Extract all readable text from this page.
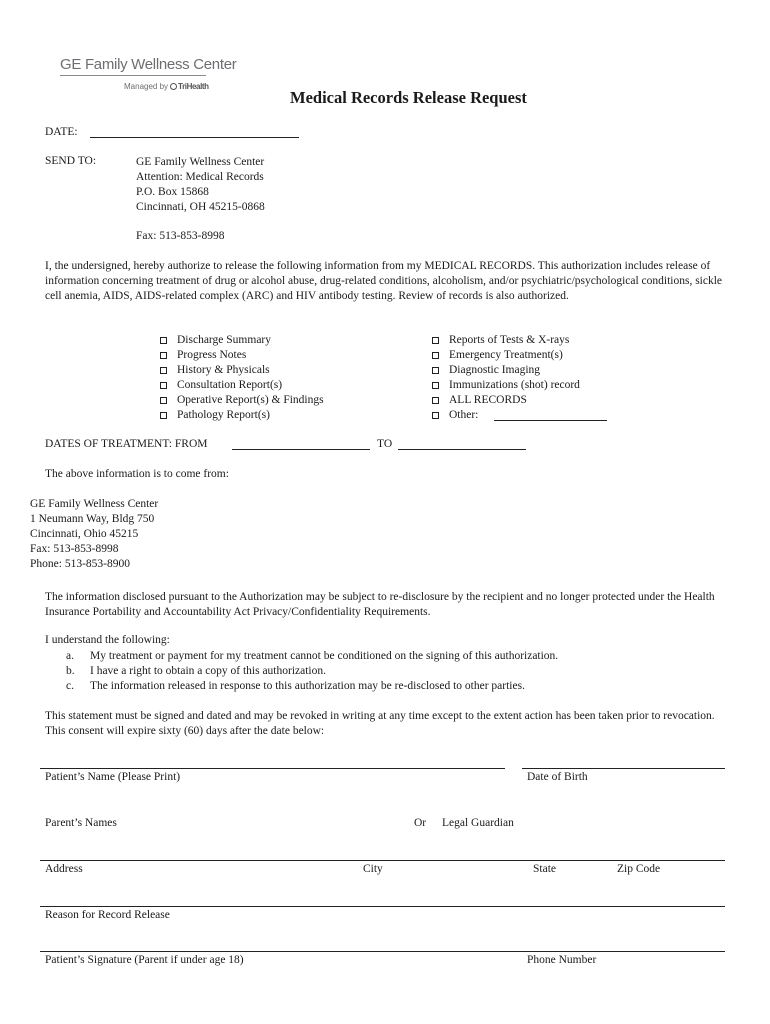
GE Family Wellness Center
Managed by TriHealth
Medical Records Release Request
DATE:
SEND TO:	GE Family Wellness Center
Attention: Medical Records
P.O. Box 15868
Cincinnati, OH 45215-0868
Fax: 513-853-8998
I, the undersigned, hereby authorize to release the following information from my MEDICAL RECORDS. This authorization includes release of information concerning treatment of drug or alcohol abuse, drug-related conditions, alcoholism, and/or psychiatric/psychological conditions, sickle cell anemia, AIDS, AIDS-related complex (ARC) and HIV antibody testing. Review of records is also authorized.
Discharge Summary
Progress Notes
History & Physicals
Consultation Report(s)
Operative Report(s) & Findings
Pathology Report(s)
Reports of Tests & X-rays
Emergency Treatment(s)
Diagnostic Imaging
Immunizations (shot) record
ALL RECORDS
Other:
DATES OF TREATMENT: FROM	TO
The above information is to come from:
GE Family Wellness Center
1 Neumann Way, Bldg 750
Cincinnati, Ohio 45215
Fax: 513-853-8998
Phone: 513-853-8900
The information disclosed pursuant to the Authorization may be subject to re-disclosure by the recipient and no longer protected under the Health Insurance Portability and Accountability Act Privacy/Confidentiality Requirements.
I understand the following:
a.	My treatment or payment for my treatment cannot be conditioned on the signing of this authorization.
b.	I have a right to obtain a copy of this authorization.
c.	The information released in response to this authorization may be re-disclosed to other parties.
This statement must be signed and dated and may be revoked in writing at any time except to the extent action has been taken prior to revocation. This consent will expire sixty (60) days after the date below:
Patient’s Name (Please Print)	Date of Birth
Parent’s Names	Or Legal Guardian
Address	City	State	Zip Code
Reason for Record Release
Patient’s Signature (Parent if under age 18)	Phone Number
